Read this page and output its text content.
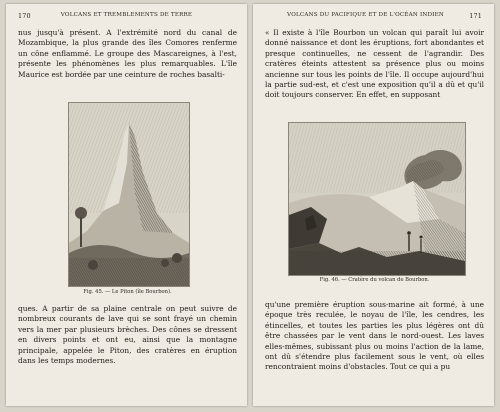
170	VOLCANS ET TREMBLEMENTS DE TERRE

nus jusqu'à présent. A l'extrémité nord du canal de Mozambique, la plus grande des îles Comores renferme un cône enflammé. Le groupe des Mascareignes, à l'est, présente les phénomènes les plus remarquables. L'île Maurice est bordée par une ceinture de roches basalti-

Fig. 45. — Le Piton (île Bourbon).

ques. A partir de sa plaine centrale on peut suivre de nombreux courants de lave qui se sont frayé un chemin vers la mer par plusieurs brèches. Des cônes se dressent en divers points et ont eu, ainsi que la montagne principale, appelée le Piton, des cratères en éruption dans les temps modernes.

VOLCANS DU PACIFIQUE ET DE L'OCÉAN INDIEN	171

« Il existe à l'île Bourbon un volcan qui paraît lui avoir donné naissance et dont les éruptions, fort abondantes et presque continuelles, ne cessent de l'agrandir. Des cratères éteints attestent sa présence plus ou moins ancienne sur tous les points de l'île. Il occupe aujourd'hui la partie sud-est, et c'est une exposition qu'il a dû et qu'il doit toujours conserver. En effet, en supposant

Fig. 46. — Cratère du volcan de Bourbon.

qu'une première éruption sous-marine ait formé, à une époque très reculée, le noyau de l'île, les cendres, les étincelles, et toutes les parties les plus légères ont dû être chassées par le vent dans le nord-ouest. Les laves elles-mêmes, subissant plus ou moins l'action de la lame, ont dû s'étendre plus facilement sous le vent, où elles rencontraient moins d'obstacles. Tout ce qui a pu
